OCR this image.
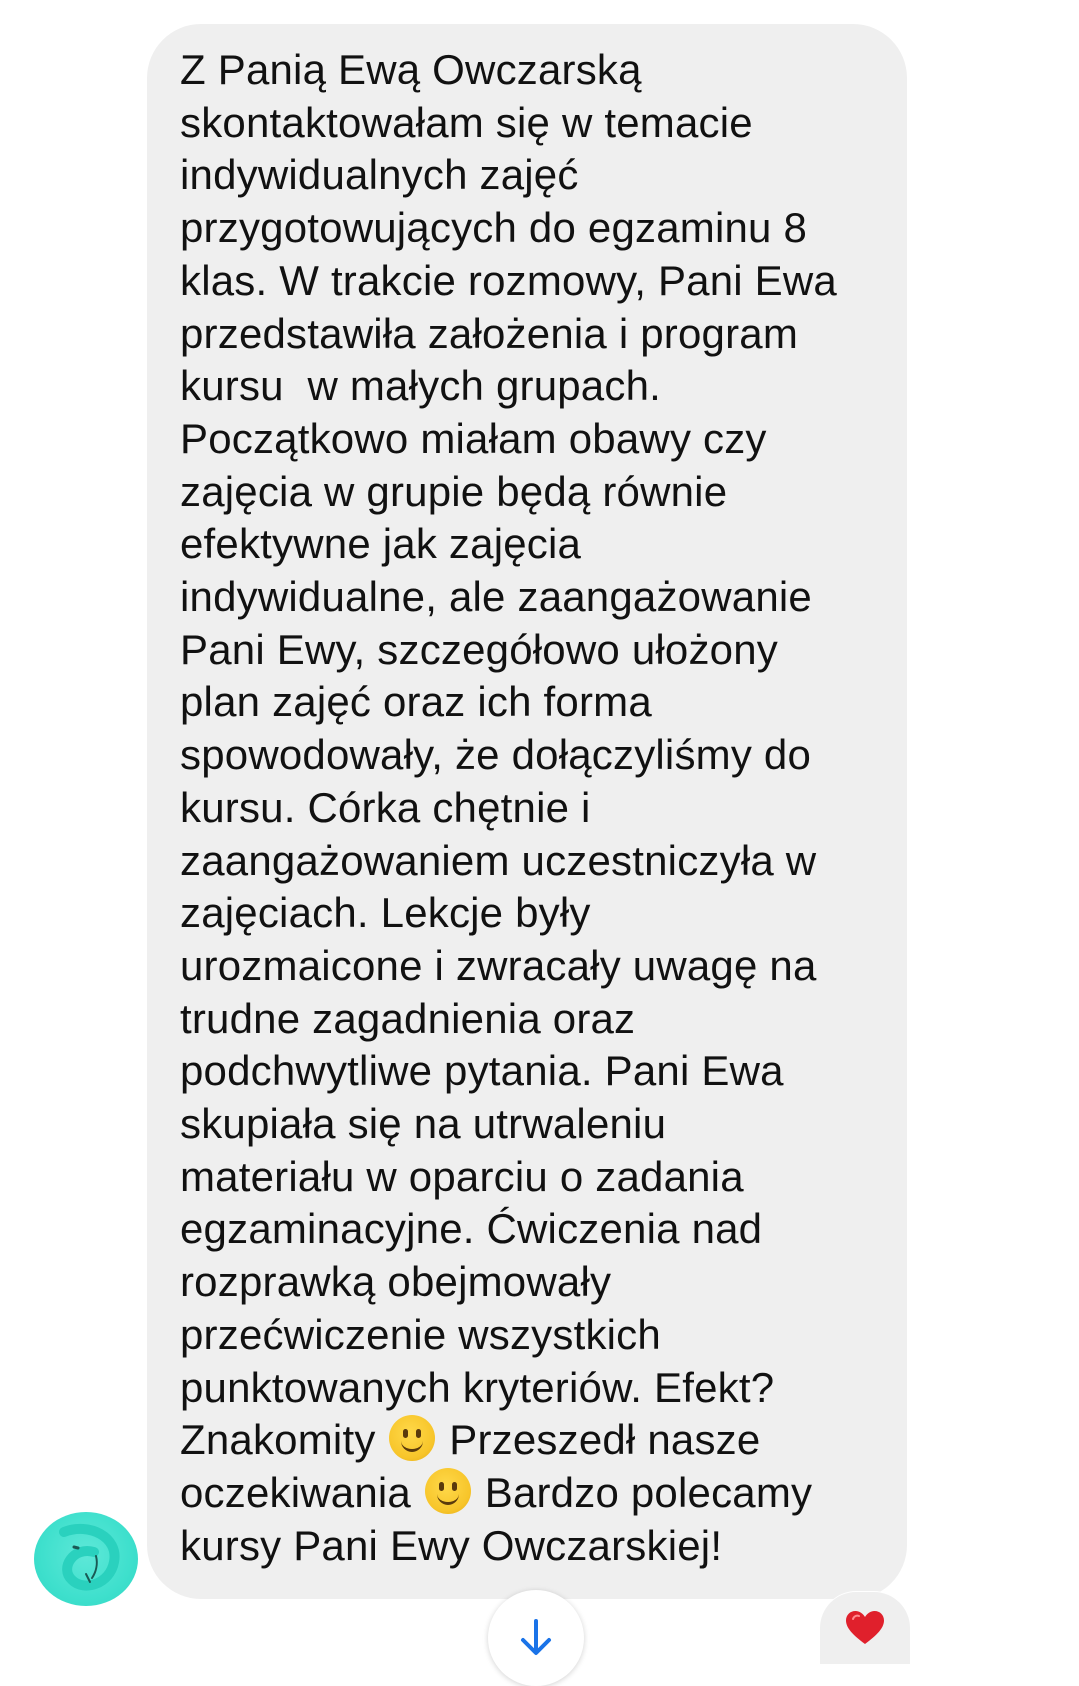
Z Panią Ewą Owczarską
skontaktowałam się w temacie
indywidualnych zajęć
przygotowujących do egzaminu 8
klas. W trakcie rozmowy, Pani Ewa
przedstawiła założenia i program
kursu  w małych grupach.
Początkowo miałam obawy czy
zajęcia w grupie będą równie
efektywne jak zajęcia
indywidualne, ale zaangażowanie
Pani Ewy, szczegółowo ułożony
plan zajęć oraz ich forma
spowodowały, że dołączyliśmy do
kursu. Córka chętnie i
zaangażowaniem uczestniczyła w
zajęciach. Lekcje były
urozmaicone i zwracały uwagę na
trudne zagadnienia oraz
podchwytliwe pytania. Pani Ewa
skupiała się na utrwaleniu
materiału w oparciu o zadania
egzaminacyjne. Ćwiczenia nad
rozprawką obejmowały
przećwiczenie wszystkich
punktowanych kryteriów. Efekt?
Znakomity
Przeszedł nasze
oczekiwania
Bardzo polecamy
kursy Pani Ewy Owczarskiej!
